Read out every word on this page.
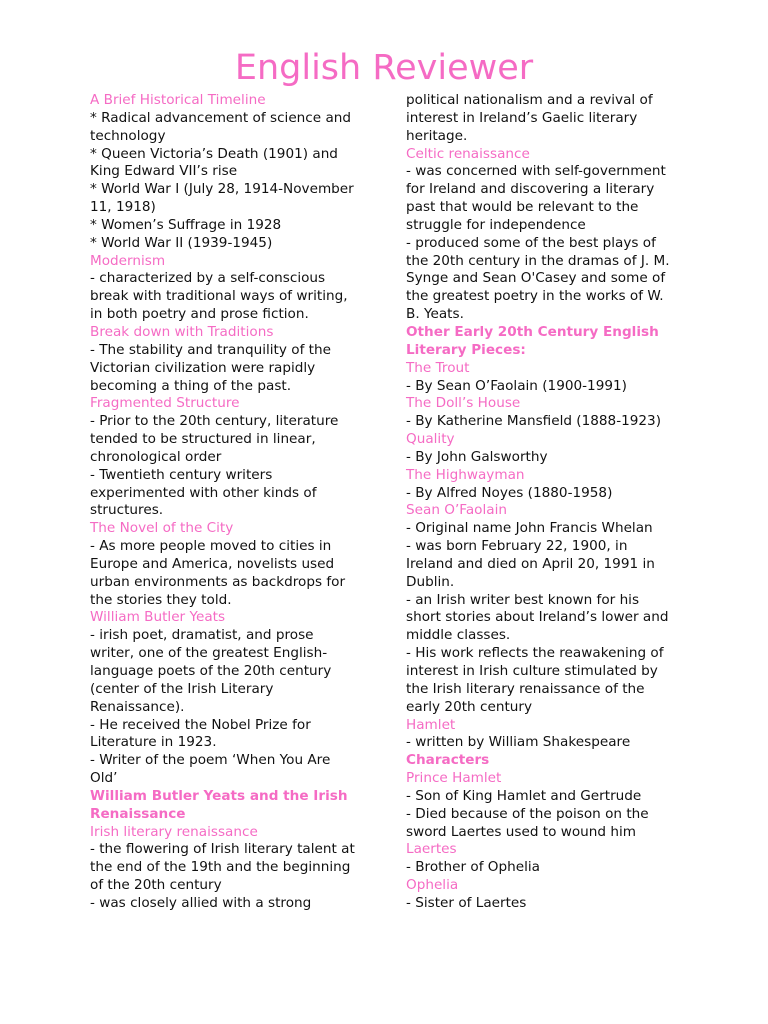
English Reviewer
A Brief Historical Timeline
* Radical advancement of science and
technology
* Queen Victoria’s Death (1901) and
King Edward VII’s rise
* World War I (July 28, 1914-November
11, 1918)
* Women’s Suffrage in 1928
* World War II (1939-1945)
Modernism
- characterized by a self-conscious
break with traditional ways of writing,
in both poetry and prose fiction.
Break down with Traditions
- The stability and tranquility of the
Victorian civilization were rapidly
becoming a thing of the past.
Fragmented Structure
- Prior to the 20th century, literature
tended to be structured in linear,
chronological order
- Twentieth century writers
experimented with other kinds of
structures.
The Novel of the City
- As more people moved to cities in
Europe and America, novelists used
urban environments as backdrops for
the stories they told.
William Butler Yeats
- irish poet, dramatist, and prose
writer, one of the greatest English-
language poets of the 20th century
(center of the Irish Literary
Renaissance).
- He received the Nobel Prize for
Literature in 1923.
- Writer of the poem ‘When You Are
Old’
William Butler Yeats and the Irish
Renaissance
Irish literary renaissance
- the flowering of Irish literary talent at
the end of the 19th and the beginning
of the 20th century
- was closely allied with a strong
political nationalism and a revival of
interest in Ireland’s Gaelic literary
heritage.
Celtic renaissance
- was concerned with self-government
for Ireland and discovering a literary
past that would be relevant to the
struggle for independence
- produced some of the best plays of
the 20th century in the dramas of J. M.
Synge and Sean O'Casey and some of
the greatest poetry in the works of W.
B. Yeats.
Other Early 20th Century English
Literary Pieces:
The Trout
- By Sean O’Faolain (1900-1991)
The Doll’s House
- By Katherine Mansfield (1888-1923)
Quality
- By John Galsworthy
The Highwayman
- By Alfred Noyes (1880-1958)
Sean O’Faolain
- Original name John Francis Whelan
- was born February 22, 1900, in
Ireland and died on April 20, 1991 in
Dublin.
- an Irish writer best known for his
short stories about Ireland’s lower and
middle classes.
- His work reflects the reawakening of
interest in Irish culture stimulated by
the Irish literary renaissance of the
early 20th century
Hamlet
- written by William Shakespeare
Characters
Prince Hamlet
- Son of King Hamlet and Gertrude
- Died because of the poison on the
sword Laertes used to wound him
Laertes
- Brother of Ophelia
Ophelia
- Sister of Laertes
